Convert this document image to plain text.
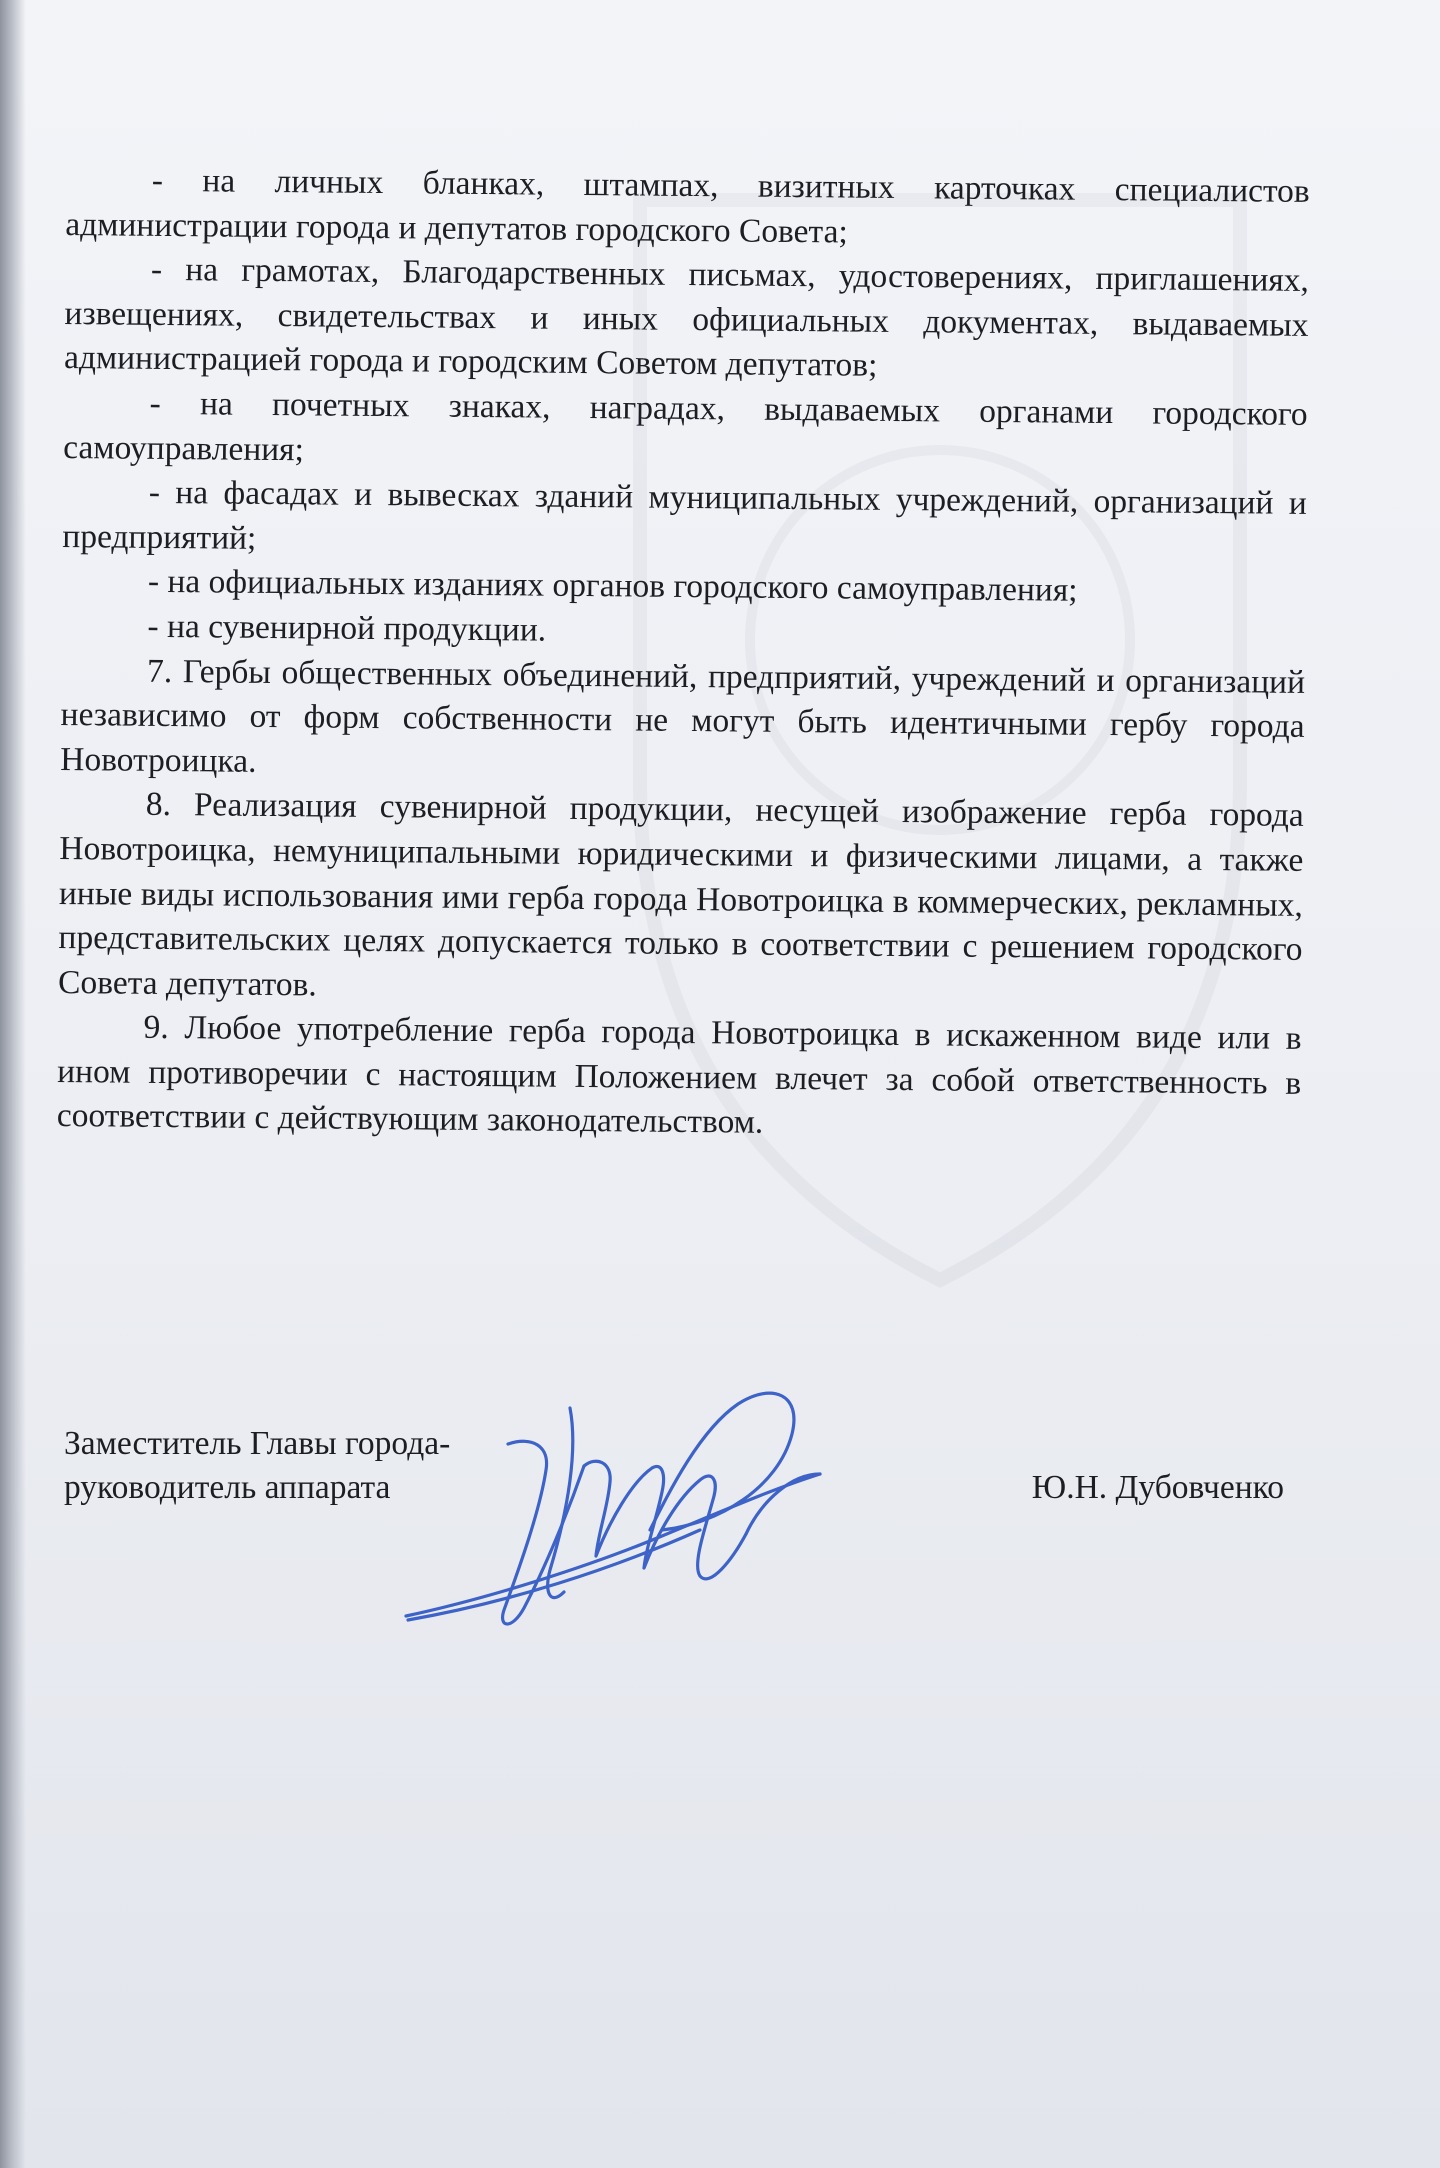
- на личных бланках, штампах, визитных карточках специалистов администрации города и депутатов городского Совета;

- на грамотах, Благодарственных письмах, удостоверениях, приглашениях, извещениях, свидетельствах и иных официальных документах, выдаваемых администрацией города и городским Советом депутатов;

- на почетных знаках, наградах, выдаваемых органами городского самоуправления;

- на фасадах и вывесках зданий муниципальных учреждений, организаций и предприятий;

- на официальных изданиях органов городского самоуправления;

- на сувенирной продукции.

7. Гербы общественных объединений, предприятий, учреждений и организаций независимо от форм собственности не могут быть идентичными гербу города Новотроицка.

8. Реализация сувенирной продукции, несущей изображение герба города Новотроицка, немуниципальными юридическими и физическими лицами, а также иные виды использования ими герба города Новотроицка в коммерческих, рекламных, представительских целях допускается только в соответствии с решением городского Совета депутатов.

9. Любое употребление герба города Новотроицка в искаженном виде или в ином противоречии с настоящим Положением влечет за собой ответственность в соответствии с действующим законодательством.

Заместитель Главы города-
руководитель аппарата	Ю.Н. Дубовченко
